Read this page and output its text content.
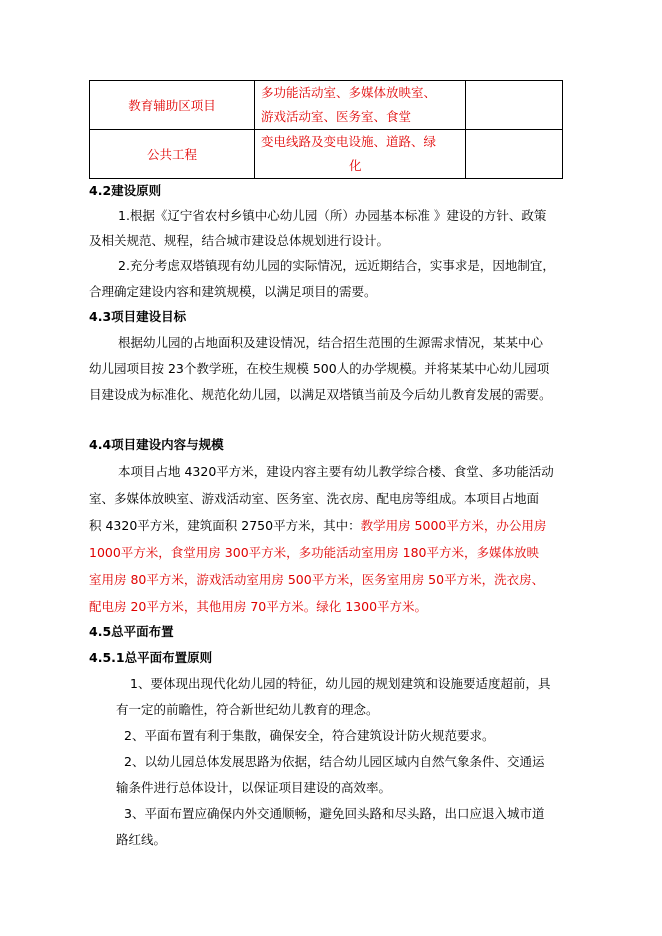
教育辅助区项目	多功能活动室、多媒体放映室、
游戏活动室、医务室、食堂	

公共工程	变电线路及变电设施、道路、绿
化	

4.2建设原则
1.根据《辽宁省农村乡镇中心幼儿园（所）办园基本标准 》建设的方针、政策
及相关规范、规程，结合城市建设总体规划进行设计。
2.充分考虑双塔镇现有幼儿园的实际情况，远近期结合，实事求是，因地制宜，
合理确定建设内容和建筑规模，以满足项目的需要。
4.3项目建设目标
根据幼儿园的占地面积及建设情况，结合招生范围的生源需求情况，某某中心
幼儿园项目按 23个教学班，在校生规模 500人的办学规模。并将某某中心幼儿园项
目建设成为标准化、规范化幼儿园，以满足双塔镇当前及今后幼儿教育发展的需要。
4.4项目建设内容与规模
本项目占地 4320平方米，建设内容主要有幼儿教学综合楼、食堂、多功能活动
室、多媒体放映室、游戏活动室、医务室、洗衣房、配电房等组成。本项目占地面
积 4320平方米，建筑面积 2750平方米，其中：教学用房 5000平方米，办公用房
1000平方米，食堂用房 300平方米，多功能活动室用房 180平方米，多媒体放映
室用房 80平方米，游戏活动室用房 500平方米，医务室用房 50平方米，洗衣房、
配电房 20平方米，其他用房 70平方米。绿化 1300平方米。
4.5总平面布置
4.5.1总平面布置原则
1、要体现出现代化幼儿园的特征，幼儿园的规划建筑和设施要适度超前，具
有一定的前瞻性，符合新世纪幼儿教育的理念。
2、平面布置有利于集散，确保安全，符合建筑设计防火规范要求。
2、以幼儿园总体发展思路为依据，结合幼儿园区域内自然气象条件、交通运
输条件进行总体设计，以保证项目建设的高效率。
3、平面布置应确保内外交通顺畅，避免回头路和尽头路，出口应退入城市道
路红线。
